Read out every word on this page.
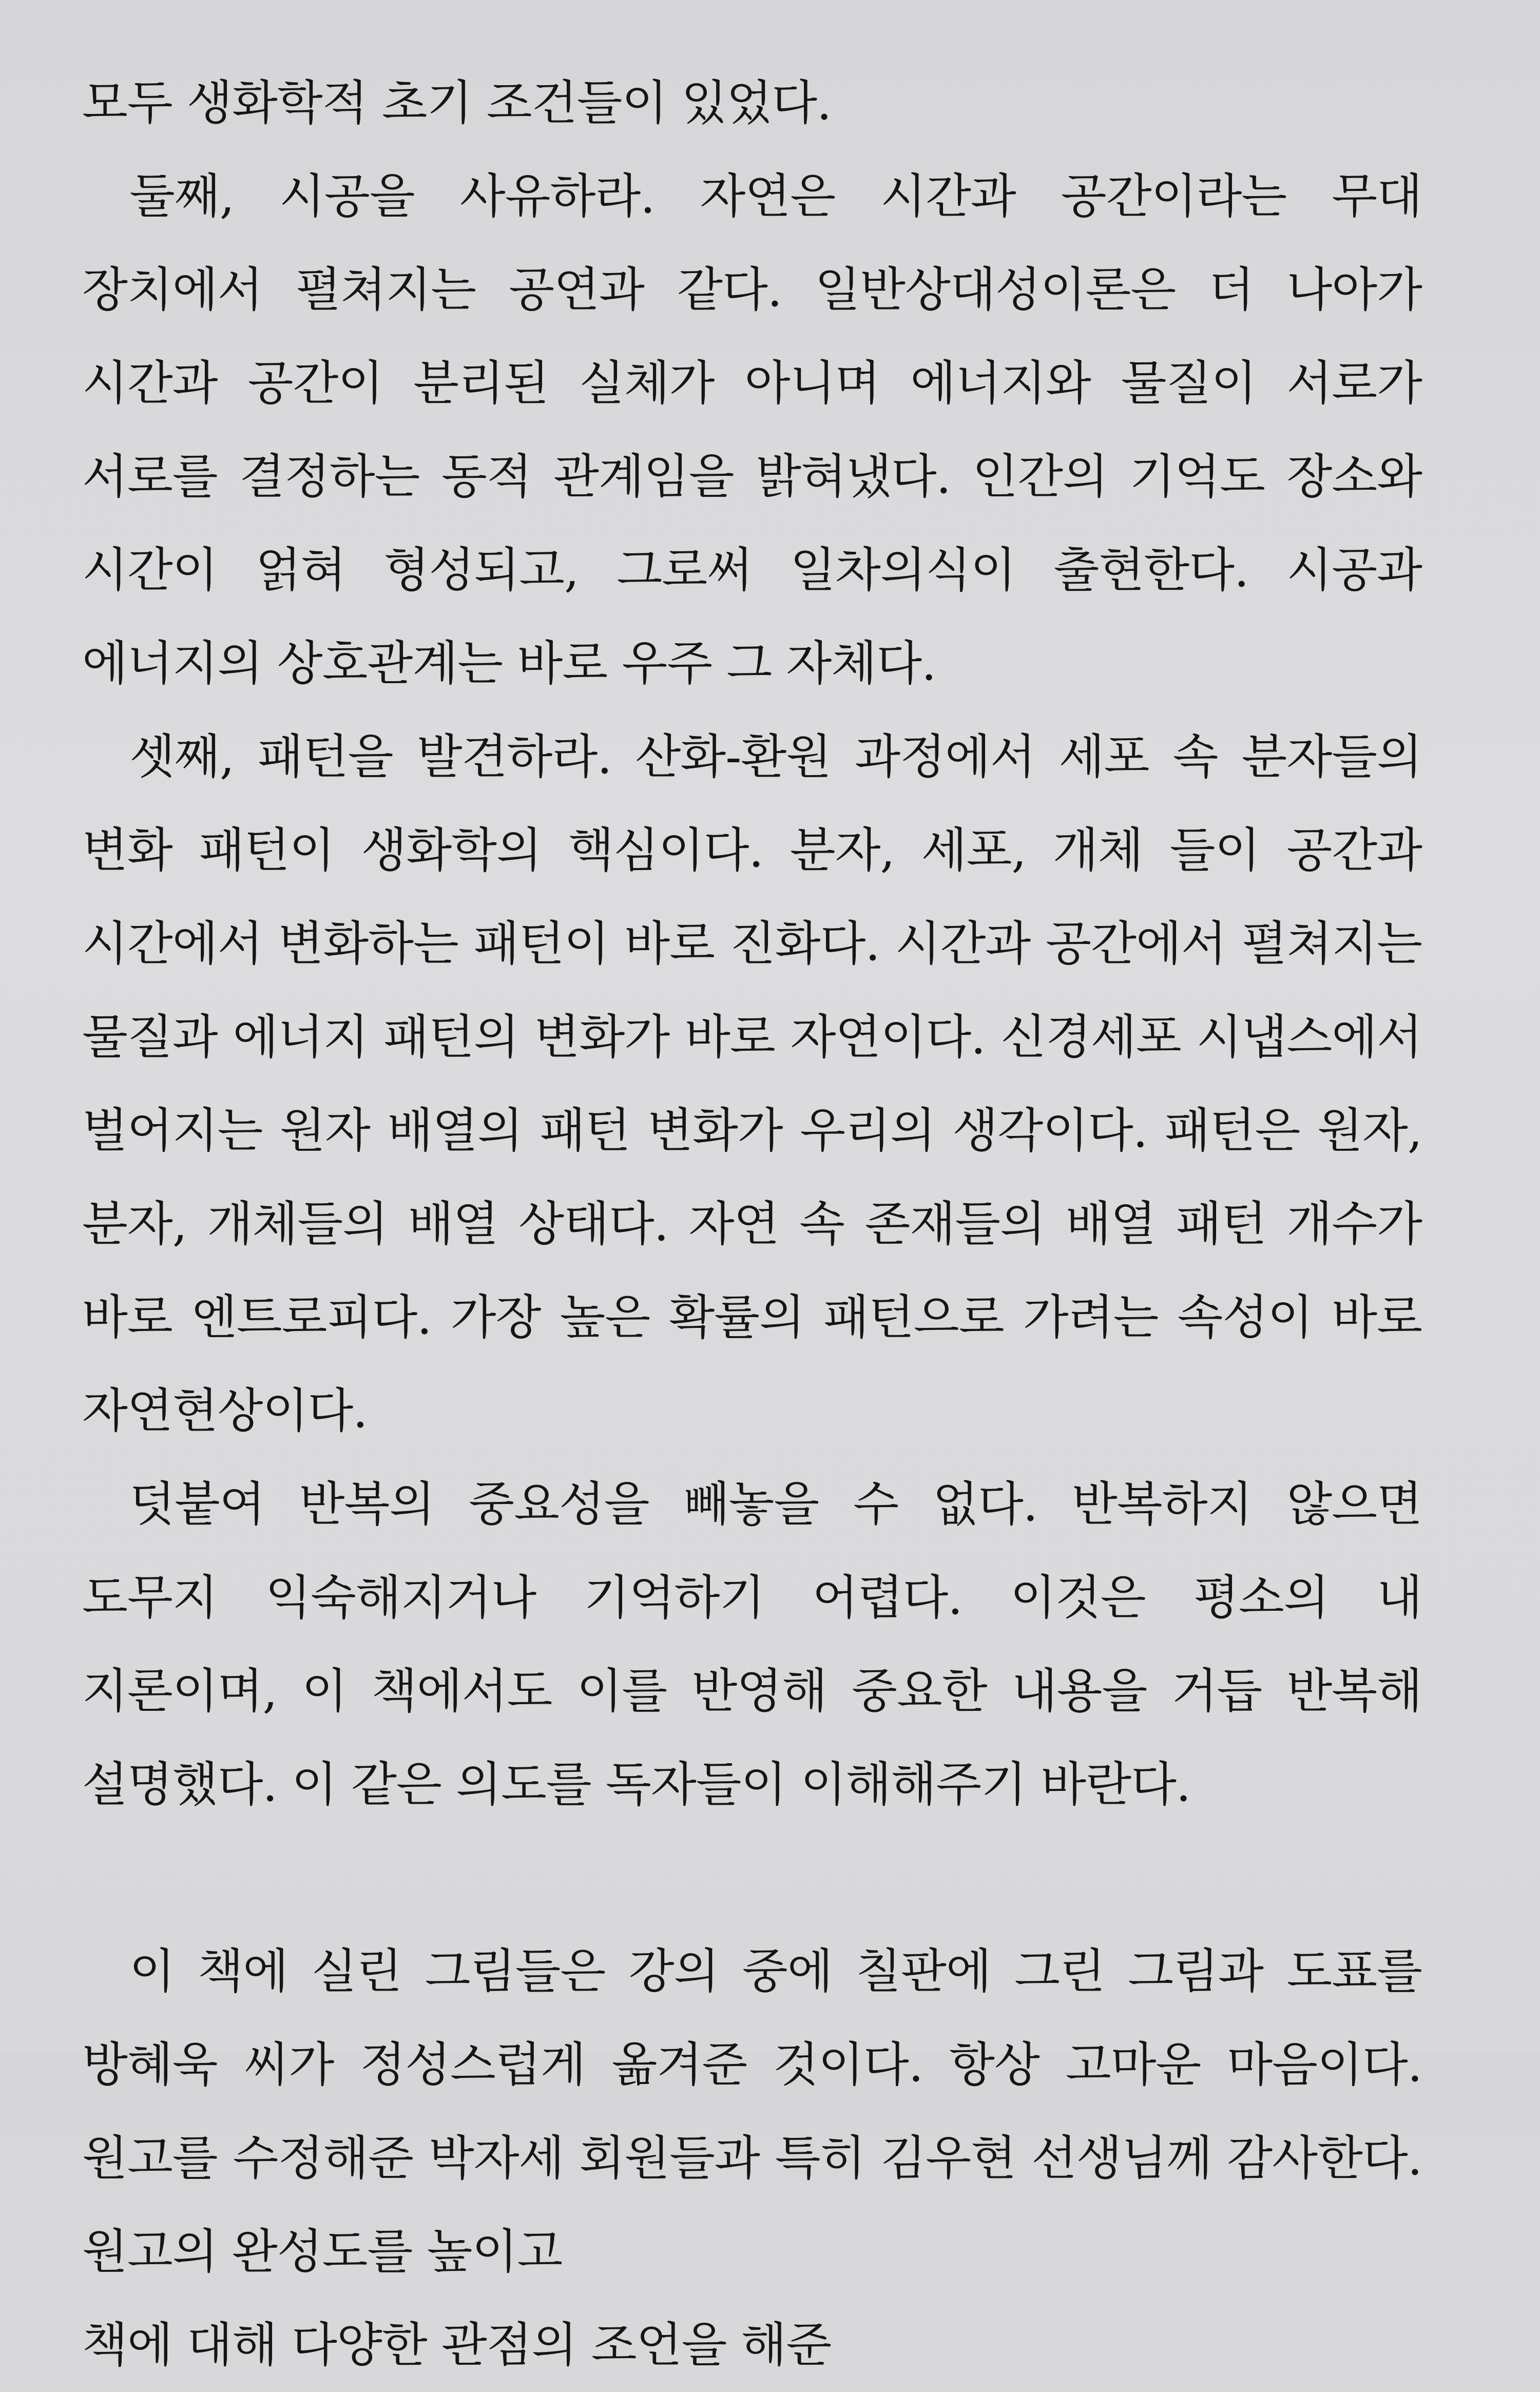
모두 생화학적 초기 조건들이 있었다.

둘째, 시공을 사유하라. 자연은 시간과 공간이라는 무대 장치에서 펼쳐지는 공연과 같다. 일반상대성이론은 더 나아가 시간과 공간이 분리된 실체가 아니며 에너지와 물질이 서로가 서로를 결정하는 동적 관계임을 밝혀냈다. 인간의 기억도 장소와 시간이 얽혀 형성되고, 그로써 일차의식이 출현한다. 시공과 에너지의 상호관계는 바로 우주 그 자체다.

셋째, 패턴을 발견하라. 산화-환원 과정에서 세포 속 분자들의 변화 패턴이 생화학의 핵심이다. 분자, 세포, 개체 들이 공간과 시간에서 변화하는 패턴이 바로 진화다. 시간과 공간에서 펼쳐지는 물질과 에너지 패턴의 변화가 바로 자연이다. 신경세포 시냅스에서 벌어지는 원자 배열의 패턴 변화가 우리의 생각이다. 패턴은 원자, 분자, 개체들의 배열 상태다. 자연 속 존재들의 배열 패턴 개수가 바로 엔트로피다. 가장 높은 확률의 패턴으로 가려는 속성이 바로 자연현상이다.

덧붙여 반복의 중요성을 빼놓을 수 없다. 반복하지 않으면 도무지 익숙해지거나 기억하기 어렵다. 이것은 평소의 내 지론이며, 이 책에서도 이를 반영해 중요한 내용을 거듭 반복해 설명했다. 이 같은 의도를 독자들이 이해해주기 바란다.

이 책에 실린 그림들은 강의 중에 칠판에 그린 그림과 도표를 방혜욱 씨가 정성스럽게 옮겨준 것이다. 항상 고마운 마음이다. 원고를 수정해준 박자세 회원들과 특히 김우현 선생님께 감사한다. 원고의 완성도를 높이고

책에 대해 다양한 관점의 조언을 해준
